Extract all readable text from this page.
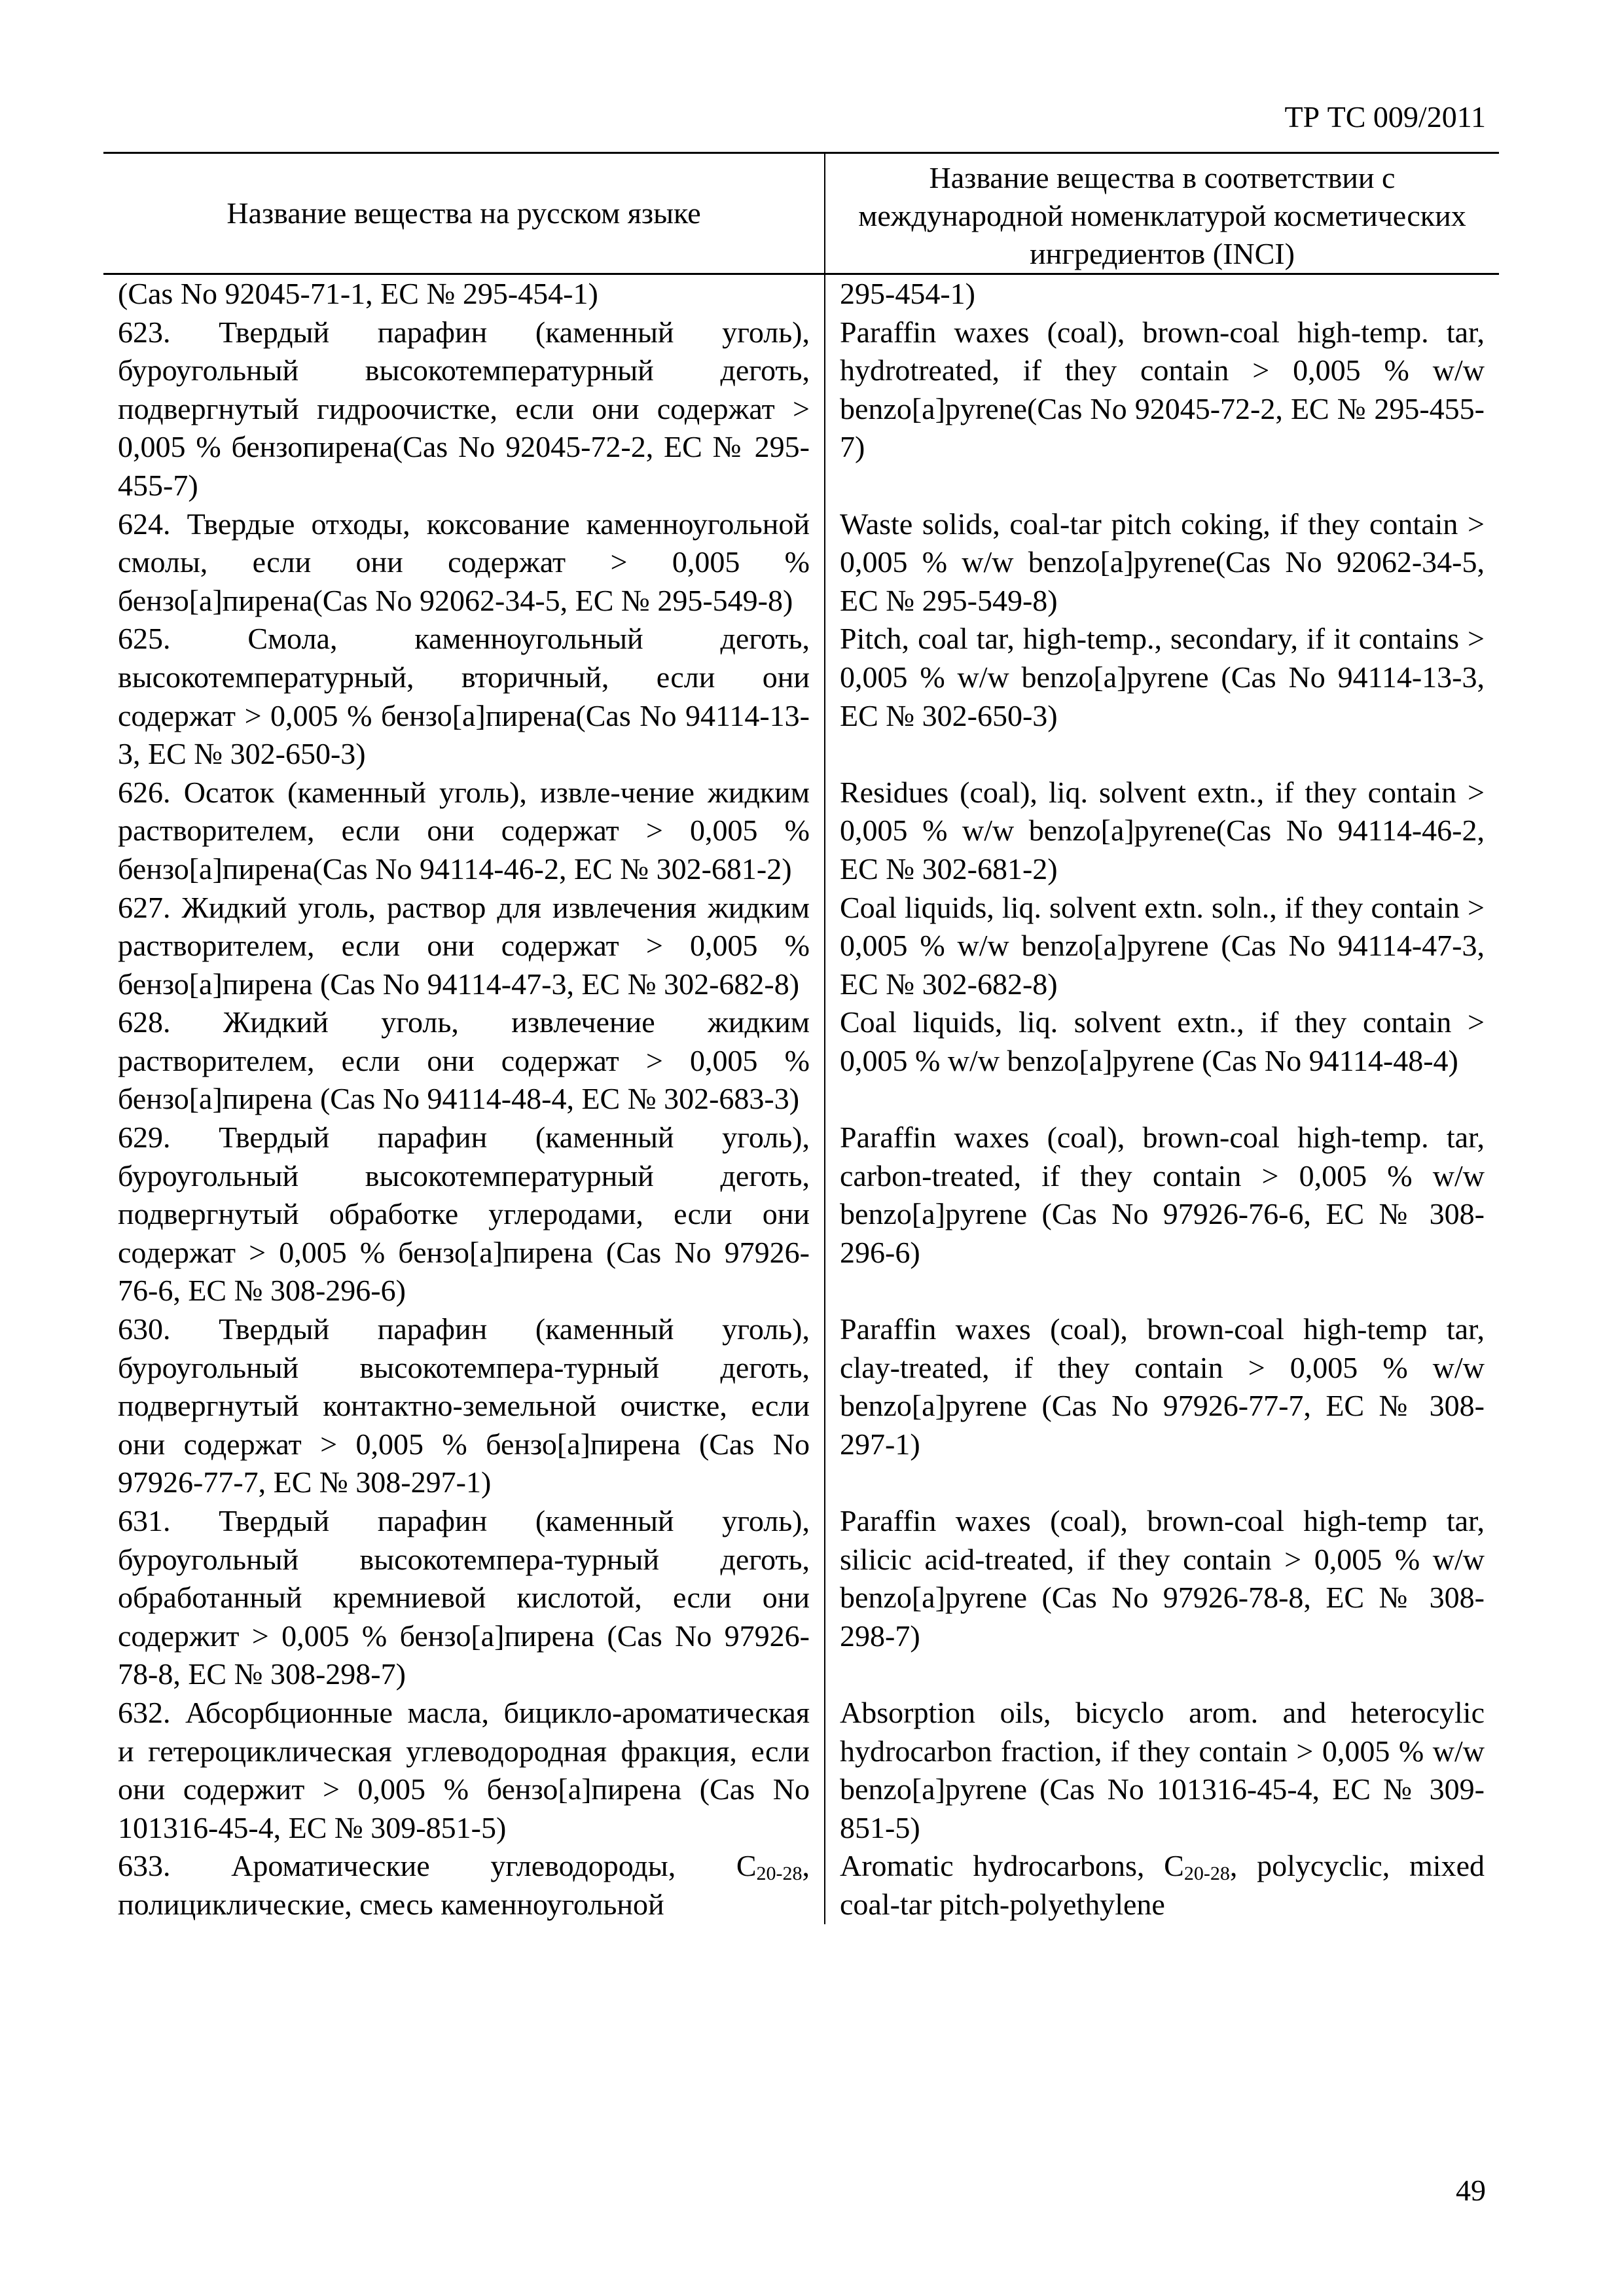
ТР ТС 009/2011
Название вещества на русском языке
Название вещества в соответствии с международной номенклатурой косметических ингредиентов (INCI)
(Cas No 92045-71-1, EC № 295-454-1)	295-454-1)
623. Твердый парафин (каменный уголь), буроугольный высокотемпературный деготь, подвергнутый гидроочистке, если они содержат > 0,005 % бензопирена(Cas No 92045-72-2, EC № 295-455-7)
Paraffin waxes (coal), brown-coal high-temp. tar, hydrotreated, if they contain > 0,005 % w/w benzo[a]pyrene(Cas No 92045-72-2, EC № 295-455-7)
624. Твердые отходы, коксование каменноугольной смолы, если они содержат > 0,005 % бензо[a]пирена(Cas No 92062-34-5, EC № 295-549-8)
Waste solids, coal-tar pitch coking, if they contain > 0,005 % w/w benzo[a]pyrene(Cas No 92062-34-5, EC № 295-549-8)
625. Смола, каменноугольный деготь, высокотемпературный, вторичный, если они содержат > 0,005 % бензо[a]пирена(Cas No 94114-13-3, EC № 302-650-3)
Pitch, coal tar, high-temp., secondary, if it contains > 0,005 % w/w benzo[a]pyrene (Cas No 94114-13-3, EC № 302-650-3)
626. Осаток (каменный уголь), извле-чение жидким растворителем, если они содержат > 0,005 % бензо[a]пирена(Cas No 94114-46-2, EC № 302-681-2)
Residues (coal), liq. solvent extn., if they contain > 0,005 % w/w benzo[a]pyrene(Cas No 94114-46-2, EC № 302-681-2)
627. Жидкий уголь, раствор для извлечения жидким растворителем, если они содержат > 0,005 % бензо[a]пирена (Cas No 94114-47-3, EC № 302-682-8)
Coal liquids, liq. solvent extn. soln., if they contain > 0,005 % w/w benzo[a]pyrene (Cas No 94114-47-3, EC № 302-682-8)
628. Жидкий уголь, извлечение жидким растворителем, если они содержат > 0,005 % бензо[a]пирена (Cas No 94114-48-4, EC № 302-683-3)
Coal liquids, liq. solvent extn., if they contain > 0,005 % w/w benzo[a]pyrene (Cas No 94114-48-4)
629. Твердый парафин (каменный уголь), буроугольный высокотемпературный деготь, подвергнутый обработке углеродами, если они содержат > 0,005 % бензо[a]пирена (Cas No 97926-76-6, EC № 308-296-6)
Paraffin waxes (coal), brown-coal high-temp. tar, carbon-treated, if they contain > 0,005 % w/w benzo[a]pyrene (Cas No 97926-76-6, EC № 308-296-6)
630. Твердый парафин (каменный уголь), буроугольный высокотемпера-турный деготь, подвергнутый контактно-земельной очистке, если они содержат > 0,005 % бензо[a]пирена (Cas No 97926-77-7, EC № 308-297-1)
Paraffin waxes (coal), brown-coal high-temp tar, clay-treated, if they contain > 0,005 % w/w benzo[a]pyrene (Cas No 97926-77-7, EC № 308-297-1)
631. Твердый парафин (каменный уголь), буроугольный высокотемпера-турный деготь, обработанный кремниевой кислотой, если они содержит > 0,005 % бензо[a]пирена (Cas No 97926-78-8, EC № 308-298-7)
Paraffin waxes (coal), brown-coal high-temp tar, silicic acid-treated, if they contain > 0,005 % w/w benzo[a]pyrene (Cas No 97926-78-8, EC № 308-298-7)
632. Абсорбционные масла, бицикло-ароматическая и гетероциклическая углеводородная фракция, если они содержит > 0,005 % бензо[a]пирена (Cas No 101316-45-4, EC № 309-851-5)
Absorption oils, bicyclo arom. and heterocylic hydrocarbon fraction, if they contain > 0,005 % w/w benzo[a]pyrene (Cas No 101316-45-4, EC № 309-851-5)
633. Ароматические углеводороды, $C_{20-28}$, полициклические, смесь каменноугольной
Aromatic hydrocarbons, $C_{20-28}$, polycyclic, mixed coal-tar pitch-polyethylene
49
